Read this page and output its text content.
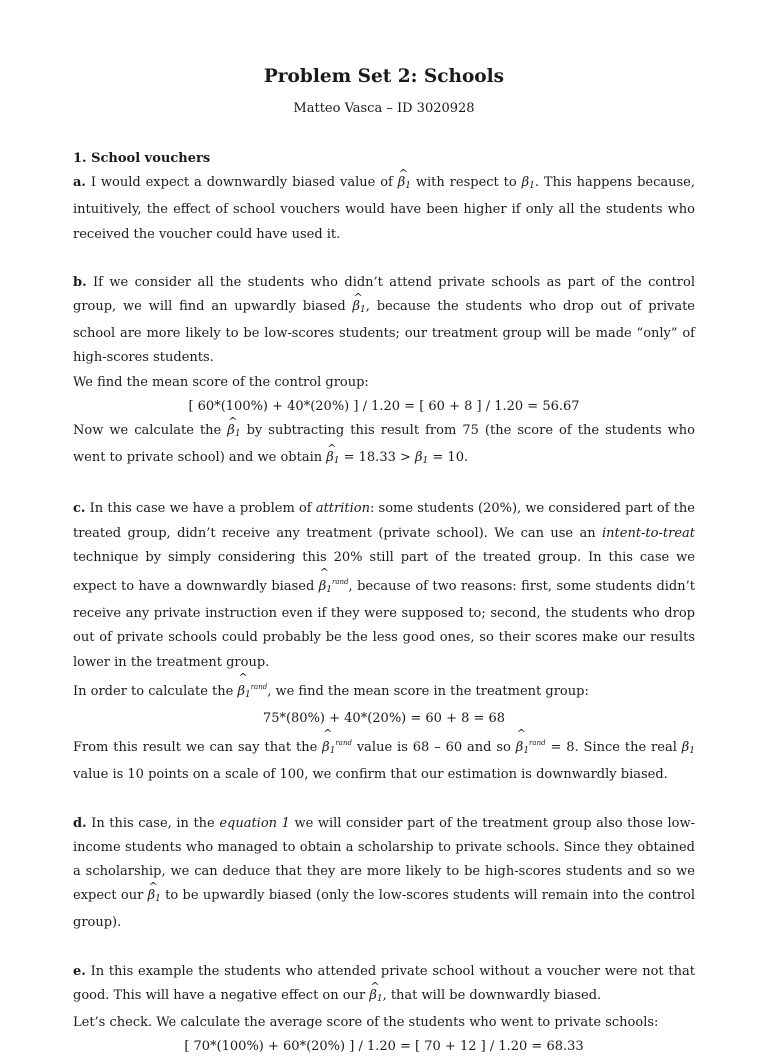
Problem Set 2: Schools
Matteo Vasca – ID 3020928

1. School vouchers

a. I would expect a downwardly biased value of ^ $\beta_1$ with respect to $\beta_1$. This happens because, intuitively, the effect of school vouchers would have been higher if only all the students who received the voucher could have used it.

b. If we consider all the students who didn’t attend private schools as part of the control group, we will find an upwardly biased ^ $\beta_1$, because the students who drop out of private school are more likely to be low-scores students; our treatment group will be made “only” of high-scores students.

We find the mean score of the control group:

[ 60*(100%) + 40*(20%) ] / 1.20 = [ 60 + 8 ] / 1.20 = 56.67

Now we calculate the ^ $\beta_1$ by subtracting this result from 75 (the score of the students who went to private school) and we obtain ^ $\beta_1 = 18.33 > \beta_1 = 10$.

c. In this case we have a problem of attrition: some students (20%), we considered part of the treated group, didn’t receive any treatment (private school). We can use an intent-to-treat technique by simply considering this 20% still part of the treated group. In this case we expect to have a downwardly biased ^ $\beta_1^{rand}$, because of two reasons: first, some students didn’t receive any private instruction even if they were supposed to; second, the students who drop out of private schools could probably be the less good ones, so their scores make our results lower in the treatment group.

In order to calculate the ^ $\beta_1^{rand}$, we find the mean score in the treatment group:

75*(80%) + 40*(20%) = 60 + 8 = 68

From this result we can say that the ^ $\beta_1^{rand}$ value is 68 – 60 and so ^ $\beta_1^{rand} = 8$. Since the real $\beta_1$ value is 10 points on a scale of 100, we confirm that our estimation is downwardly biased.

d. In this case, in the equation 1 we will consider part of the treatment group also those low-income students who managed to obtain a scholarship to private schools. Since they obtained a scholarship, we can deduce that they are more likely to be high-scores students and so we expect our ^ $\beta_1$ to be upwardly biased (only the low-scores students will remain into the control group).

e. In this example the students who attended private school without a voucher were not that good. This will have a negative effect on our ^ $\beta_1$, that will be downwardly biased.

Let’s check. We calculate the average score of the students who went to private schools:

[ 70*(100%) + 60*(20%) ] / 1.20 = [ 70 + 12 ] / 1.20 = 68.33
